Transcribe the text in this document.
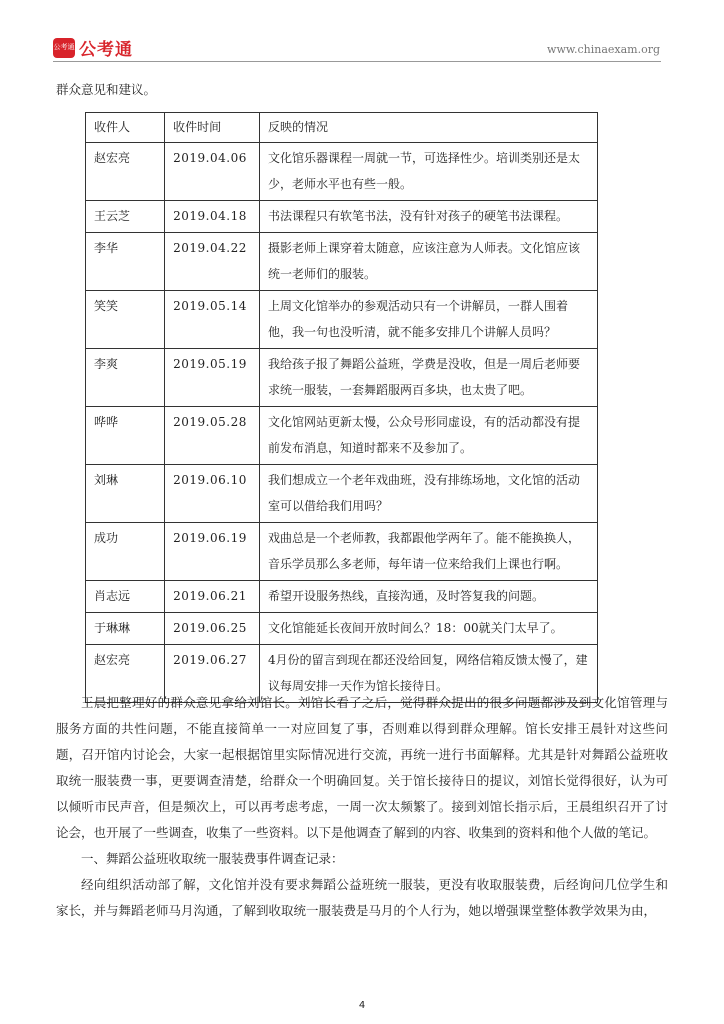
公考通 公考通	www.chinaexam.org
群众意见和建议。
收件人	收件时间	反映的情况
赵宏亮	2019.04.06	文化馆乐器课程一周就一节，可选择性少。培训类别还是太少，老师水平也有些一般。
王云芝	2019.04.18	书法课程只有软笔书法，没有针对孩子的硬笔书法课程。
李华	2019.04.22	摄影老师上课穿着太随意，应该注意为人师表。文化馆应该统一老师们的服装。
笑笑	2019.05.14	上周文化馆举办的参观活动只有一个讲解员，一群人围着他，我一句也没听清，就不能多安排几个讲解人员吗？
李爽	2019.05.19	我给孩子报了舞蹈公益班，学费是没收，但是一周后老师要求统一服装，一套舞蹈服两百多块，也太贵了吧。
哗哗	2019.05.28	文化馆网站更新太慢，公众号形同虚设，有的活动都没有提前发布消息，知道时都来不及参加了。
刘琳	2019.06.10	我们想成立一个老年戏曲班，没有排练场地，文化馆的活动室可以借给我们用吗？
成功	2019.06.19	戏曲总是一个老师教，我都跟他学两年了。能不能换换人，音乐学员那么多老师，每年请一位来给我们上课也行啊。
肖志远	2019.06.21	希望开设服务热线，直接沟通，及时答复我的问题。
于琳琳	2019.06.25	文化馆能延长夜间开放时间么？18：00就关门太早了。
赵宏亮	2019.06.27	4月份的留言到现在都还没给回复，网络信箱反馈太慢了，建议每周安排一天作为馆长接待日。

王晨把整理好的群众意见拿给刘馆长。刘馆长看了之后，觉得群众提出的很多问题都涉及到文化馆管理与服务方面的共性问题，不能直接简单一一对应回复了事，否则难以得到群众理解。馆长安排王晨针对这些问题，召开馆内讨论会，大家一起根据馆里实际情况进行交流，再统一进行书面解释。尤其是针对舞蹈公益班收取统一服装费一事，更要调查清楚，给群众一个明确回复。关于馆长接待日的提议，刘馆长觉得很好，认为可以倾听市民声音，但是频次上，可以再考虑考虑，一周一次太频繁了。接到刘馆长指示后，王晨组织召开了讨论会，也开展了一些调查，收集了一些资料。以下是他调查了解到的内容、收集到的资料和他个人做的笔记。

一、舞蹈公益班收取统一服装费事件调查记录：

经向组织活动部了解，文化馆并没有要求舞蹈公益班统一服装，更没有收取服装费，后经询问几位学生和家长，并与舞蹈老师马月沟通，了解到收取统一服装费是马月的个人行为，她以增强课堂整体教学效果为由，

4
